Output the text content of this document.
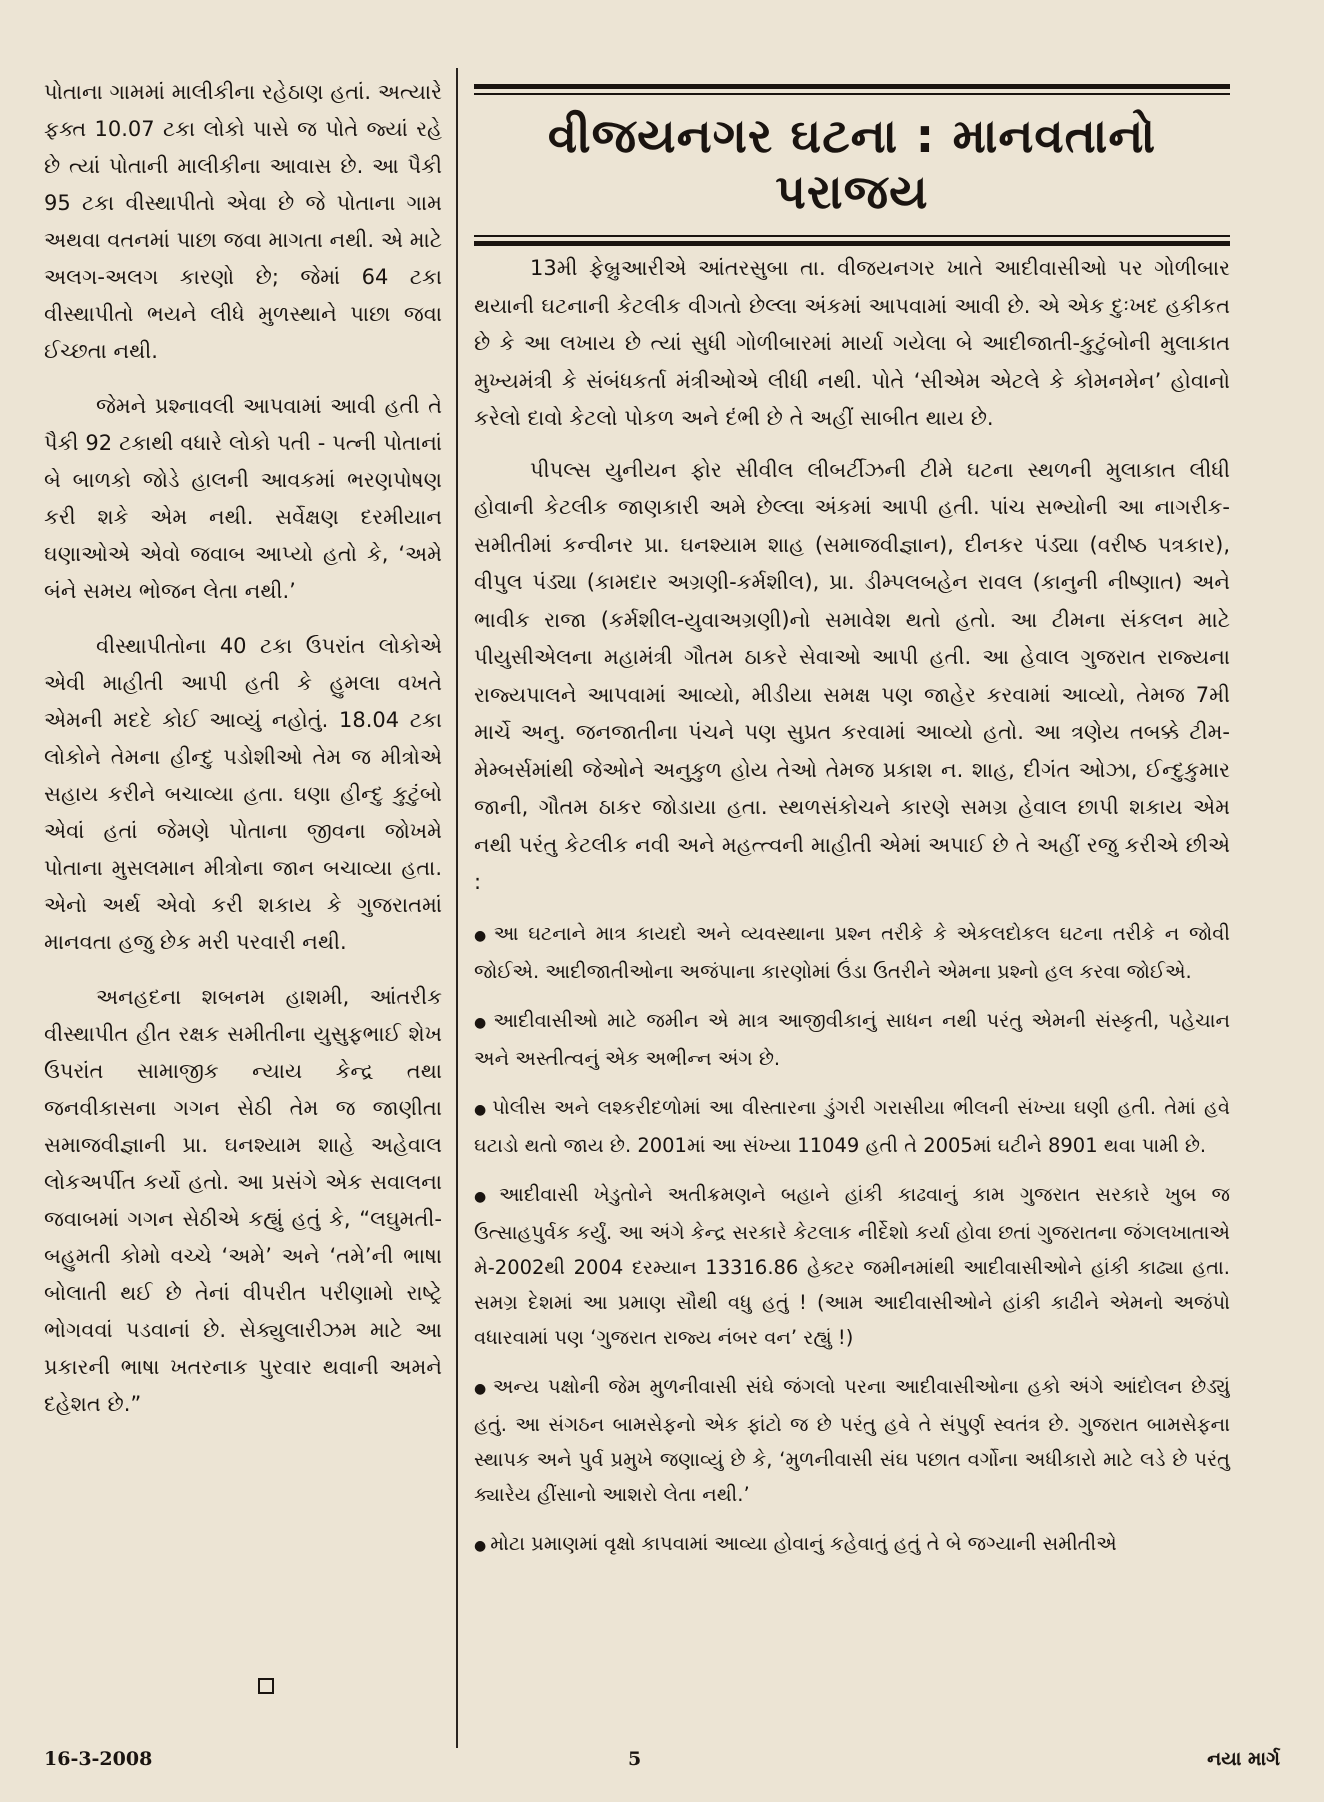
પોતાના ગામમાં માલીકીના રહેઠાણ હતાં. અત્યારે ફક્ત 10.07 ટકા લોકો પાસે જ પોતે જ્યાં રહે છે ત્યાં પોતાની માલીકીના આવાસ છે. આ પૈકી 95 ટકા વીસ્થાપીતો એવા છે જે પોતાના ગામ અથવા વતનમાં પાછા જવા માગતા નથી. એ માટે અલગ-અલગ કારણો છે; જેમાં 64 ટકા વીસ્થાપીતો ભયને લીધે મુળસ્થાને પાછા જવા ઈચ્છતા નથી.

જેમને પ્રશ્નાવલી આપવામાં આવી હતી તે પૈકી 92 ટકાથી વધારે લોકો પતી - પત્ની પોતાનાં બે બાળકો જોડે હાલની આવકમાં ભરણપોષણ કરી શકે એમ નથી. સર્વેક્ષણ દરમીયાન ઘણાઓએ એવો જવાબ આપ્યો હતો કે, ‘અમે બંને સમય ભોજન લેતા નથી.’

વીસ્થાપીતોના 40 ટકા ઉપરાંત લોકોએ એવી માહીતી આપી હતી કે હુમલા વખતે એમની મદદે કોઈ આવ્યું નહોતું. 18.04 ટકા લોકોને તેમના હીન્દુ પડોશીઓ તેમ જ મીત્રોએ સહાય કરીને બચાવ્યા હતા. ઘણા હીન્દુ કુટુંબો એવાં હતાં જેમણે પોતાના જીવના જોખમે પોતાના મુસલમાન મીત્રોના જાન બચાવ્યા હતા. એનો અર્થ એવો કરી શકાય કે ગુજરાતમાં માનવતા હજુ છેક મરી પરવારી નથી.

અનહદના શબનમ હાશમી, આંતરીક વીસ્થાપીત હીત રક્ષક સમીતીના યુસુફભાઈ શેખ ઉપરાંત સામાજીક ન્યાય કેન્દ્ર તથા જનવીકાસના ગગન સેઠી તેમ જ જાણીતા સમાજવીજ્ઞાની પ્રા. ઘનશ્યામ શાહે અહેવાલ લોકઅર્પીત કર્યો હતો. આ પ્રસંગે એક સવાલના જવાબમાં ગગન સેઠીએ કહ્યું હતું કે, “લઘુમતી-બહુમતી કોમો વચ્ચે ‘અમે’ અને ‘તમે’ની ભાષા બોલાતી થઈ છે તેનાં વીપરીત પરીણામો રાષ્ટ્રે ભોગવવાં પડવાનાં છે. સેક્યુલારીઝમ માટે આ પ્રકારની ભાષા ખતરનાક પુરવાર થવાની અમને દહેશત છે.”

વીજયનગર ઘટના : માનવતાનો પરાજય

13મી ફેબ્રુઆરીએ આંતરસુબા તા. વીજયનગર ખાતે આદીવાસીઓ પર ગોળીબાર થયાની ઘટનાની કેટલીક વીગતો છેલ્લા અંકમાં આપવામાં આવી છે. એ એક દુઃખદ હકીકત છે કે આ લખાય છે ત્યાં સુધી ગોળીબારમાં માર્યા ગયેલા બે આદીજાતી-કુટુંબોની મુલાકાત મુખ્યમંત્રી કે સંબંધકર્તા મંત્રીઓએ લીધી નથી. પોતે ‘સીએમ એટલે કે કોમનમેન’ હોવાનો કરેલો દાવો કેટલો પોકળ અને દંભી છે તે અહીં સાબીત થાય છે.

પીપલ્સ યુનીયન ફોર સીવીલ લીબર્ટીઝની ટીમે ઘટના સ્થળની મુલાકાત લીધી હોવાની કેટલીક જાણકારી અમે છેલ્લા અંકમાં આપી હતી. પાંચ સભ્યોની આ નાગરીક-સમીતીમાં કન્વીનર પ્રા. ઘનશ્યામ શાહ (સમાજવીજ્ઞાન), દીનકર પંડ્યા (વરીષ્ઠ પત્રકાર), વીપુલ પંડ્યા (કામદાર અગ્રણી-કર્મશીલ), પ્રા. ડીમ્પલબહેન રાવલ (કાનુની નીષ્ણાત) અને ભાવીક રાજા (કર્મશીલ-યુવાઅગ્રણી)નો સમાવેશ થતો હતો. આ ટીમના સંકલન માટે પીયુસીએલના મહામંત્રી ગૌતમ ઠાકરે સેવાઓ આપી હતી. આ હેવાલ ગુજરાત રાજ્યના રાજ્યપાલને આપવામાં આવ્યો, મીડીયા સમક્ષ પણ જાહેર કરવામાં આવ્યો, તેમજ 7મી માર્ચે અનુ. જનજાતીના પંચને પણ સુપ્રત કરવામાં આવ્યો હતો. આ ત્રણેય તબક્કે ટીમ-મેમ્બર્સમાંથી જેઓને અનુકુળ હોય તેઓ તેમજ પ્રકાશ ન. શાહ, દીગંત ઓઝા, ઈન્દુકુમાર જાની, ગૌતમ ઠાકર જોડાયા હતા. સ્થળસંકોચને કારણે સમગ્ર હેવાલ છાપી શકાય એમ નથી પરંતુ કેટલીક નવી અને મહત્ત્વની માહીતી એમાં અપાઈ છે તે અહીં રજુ કરીએ છીએ :

● આ ઘટનાને માત્ર કાયદો અને વ્યવસ્થાના પ્રશ્ન તરીકે કે એકલદોકલ ઘટના તરીકે ન જોવી જોઈએ. આદીજાતીઓના અજંપાના કારણોમાં ઉંડા ઉતરીને એમના પ્રશ્નો હલ કરવા જોઈએ.
● આદીવાસીઓ માટે જમીન એ માત્ર આજીવીકાનું સાધન નથી પરંતુ એમની સંસ્કૃતી, પહેચાન અને અસ્તીત્વનું એક અભીન્ન અંગ છે.
● પોલીસ અને લશ્કરીદળોમાં આ વીસ્તારના ડુંગરી ગરાસીયા ભીલની સંખ્યા ઘણી હતી. તેમાં હવે ઘટાડો થતો જાય છે. 2001માં આ સંખ્યા 11049 હતી તે 2005માં ઘટીને 8901 થવા પામી છે.
● આદીવાસી ખેડુતોને અતીક્રમણને બહાને હાંકી કાઢવાનું કામ ગુજરાત સરકારે ખુબ જ ઉત્સાહપુર્વક કર્યું. આ અંગે કેન્દ્ર સરકારે કેટલાક નીર્દેશો કર્યા હોવા છતાં ગુજરાતના જંગલખાતાએ મે-2002થી 2004 દરમ્યાન 13316.86 હેક્ટર જમીનમાંથી આદીવાસીઓને હાંકી કાઢ્યા હતા. સમગ્ર દેશમાં આ પ્રમાણ સૌથી વધુ હતું ! (આમ આદીવાસીઓને હાંકી કાઢીને એમનો અજંપો વધારવામાં પણ ‘ગુજરાત રાજ્ય નંબર વન’ રહ્યું !)
● અન્ય પક્ષોની જેમ મુળનીવાસી સંઘે જંગલો પરના આદીવાસીઓના હકો અંગે આંદોલન છેડ્યું હતું. આ સંગઠન બામસેફનો એક ફાંટો જ છે પરંતુ હવે તે સંપુર્ણ સ્વતંત્ર છે. ગુજરાત બામસેફના સ્થાપક અને પુર્વ પ્રમુખે જણાવ્યું છે કે, ‘મુળનીવાસી સંઘ પછાત વર્ગોના અધીકારો માટે લડે છે પરંતુ ક્યારેય હીંસાનો આશરો લેતા નથી.’
● મોટા પ્રમાણમાં વૃક્ષો કાપવામાં આવ્યા હોવાનું કહેવાતું હતું તે બે જગ્યાની સમીતીએ
16-3-2008	5	નયા માર્ગ
